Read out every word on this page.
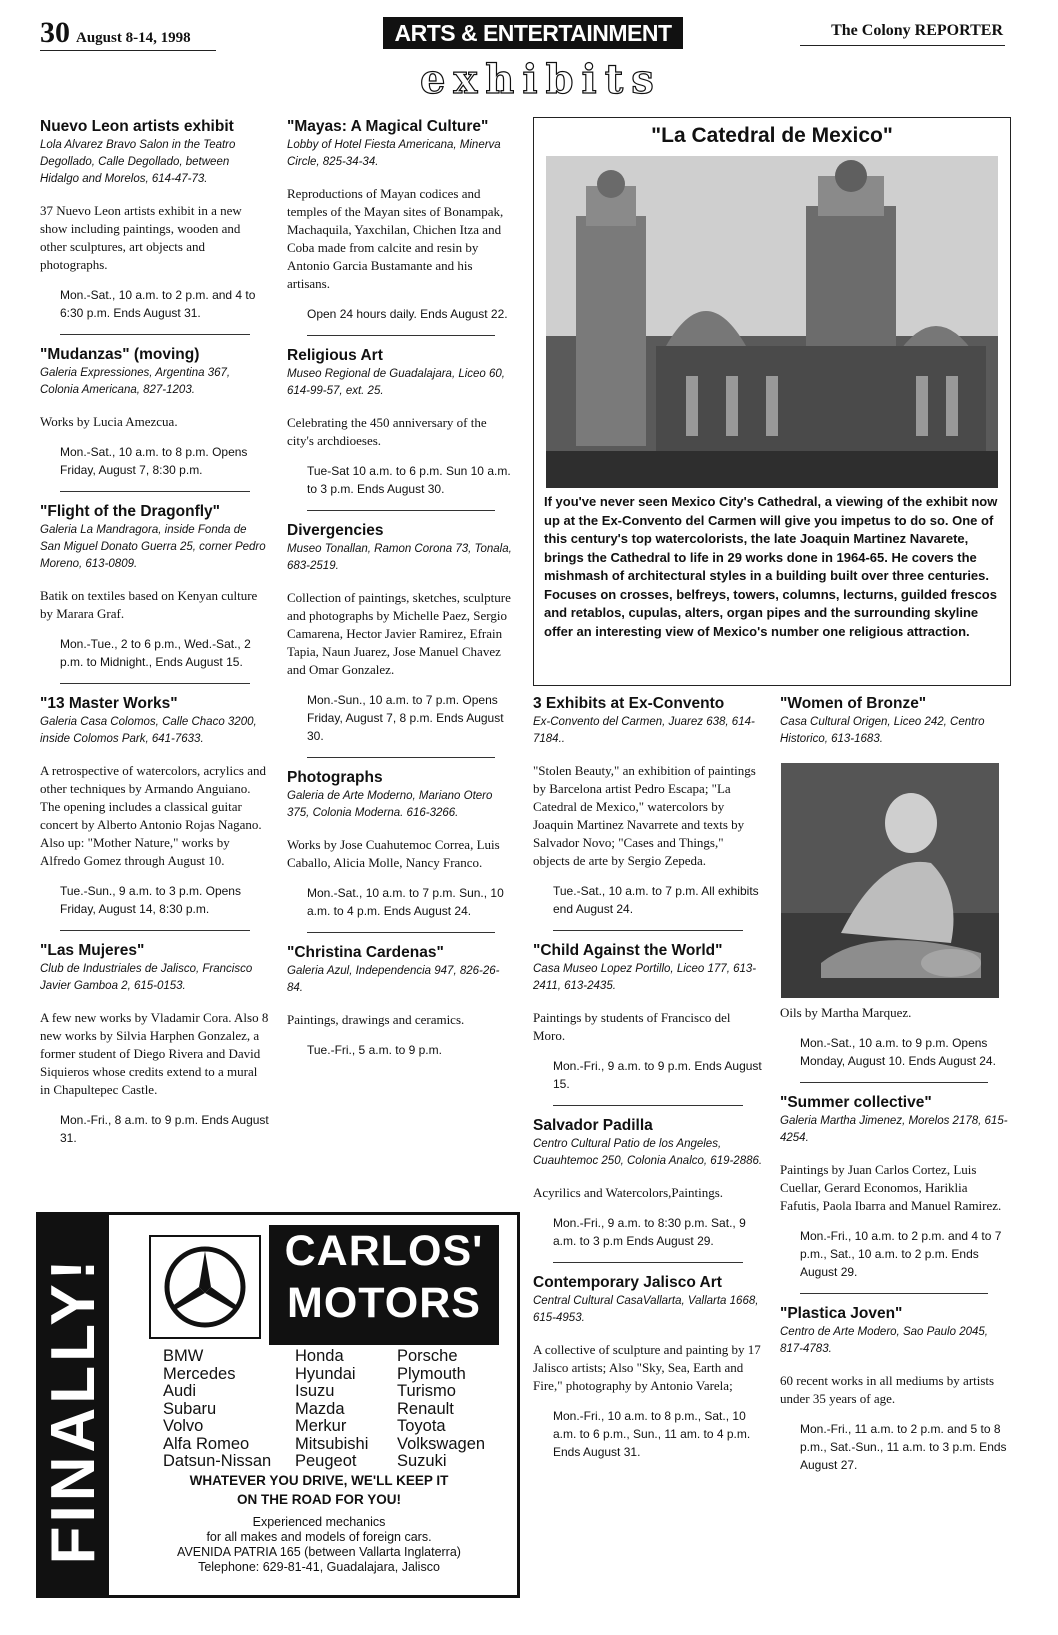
30 August 8-14, 1998	ARTS & ENTERTAINMENT	The Colony REPORTER
exhibits
Nuevo Leon artists exhibit

Lola Alvarez Bravo Salon in the Teatro Degollado, Calle Degollado, between Hidalgo and Morelos, 614-47-73.

37 Nuevo Leon artists exhibit in a new show including paintings, wooden and other sculptures, art objects and photographs.

Mon.-Sat., 10 a.m. to 2 p.m. and 4 to 6:30 p.m. Ends August 31.

"Mudanzas" (moving)

Galeria Expressiones, Argentina 367, Colonia Americana, 827-1203.

Works by Lucia Amezcua.

Mon.-Sat., 10 a.m. to 8 p.m. Opens Friday, August 7, 8:30 p.m.

"Flight of the Dragonfly"

Galeria La Mandragora, inside Fonda de San Miguel Donato Guerra 25, corner Pedro Moreno, 613-0809.

Batik on textiles based on Kenyan culture by Marara Graf.

Mon.-Tue., 2 to 6 p.m., Wed.-Sat., 2 p.m. to Midnight., Ends August 15.

"13 Master Works"

Galeria Casa Colomos, Calle Chaco 3200, inside Colomos Park, 641-7633.

A retrospective of watercolors, acrylics and other techniques by Armando Anguiano. The opening includes a classical guitar concert by Alberto Antonio Rojas Nagano. Also up: "Mother Nature," works by Alfredo Gomez through August 10.

Tue.-Sun., 9 a.m. to 3 p.m. Opens Friday, August 14, 8:30 p.m.

"Las Mujeres"

Club de Industriales de Jalisco, Francisco Javier Gamboa 2, 615-0153.

A few new works by Vladamir Cora. Also 8 new works by Silvia Harphen Gonzalez, a former student of Diego Rivera and David Siquieros whose credits extend to a mural in Chapultepec Castle.

Mon.-Fri., 8 a.m. to 9 p.m. Ends August 31.

"Mayas: A Magical Culture"

Lobby of Hotel Fiesta Americana, Minerva Circle, 825-34-34.

Reproductions of Mayan codices and temples of the Mayan sites of Bonampak, Machaquila, Yaxchilan, Chichen Itza and Coba made from calcite and resin by Antonio Garcia Bustamante and his artisans.

Open 24 hours daily. Ends August 22.

Religious Art

Museo Regional de Guadalajara, Liceo 60, 614-99-57, ext. 25.

Celebrating the 450 anniversary of the city's archdioeses.

Tue-Sat 10 a.m. to 6 p.m. Sun 10 a.m. to 3 p.m. Ends August 30.

Divergencies

Museo Tonallan, Ramon Corona 73, Tonala, 683-2519.

Collection of paintings, sketches, sculpture and photographs by Michelle Paez, Sergio Camarena, Hector Javier Ramirez, Efrain Tapia, Naun Juarez, Jose Manuel Chavez and Omar Gonzalez.

Mon.-Sun., 10 a.m. to 7 p.m. Opens Friday, August 7, 8 p.m. Ends August 30.

Photographs

Galeria de Arte Moderno, Mariano Otero 375, Colonia Moderna. 616-3266.

Works by Jose Cuahutemoc Correa, Luis Caballo, Alicia Molle, Nancy Franco.

Mon.-Sat., 10 a.m. to 7 p.m. Sun., 10 a.m. to 4 p.m. Ends August 24.

"Christina Cardenas"

Galeria Azul, Independencia 947, 826-26-84.

Paintings, drawings and ceramics.

Tue.-Fri., 5 a.m. to 9 p.m.

"La Catedral de Mexico"
If you've never seen Mexico City's Cathedral, a viewing of the exhibit now up at the Ex-Convento del Carmen will give you impetus to do so. One of this century's top watercolorists, the late Joaquin Martinez Navarete, brings the Cathedral to life in 29 works done in 1964-65. He covers the mishmash of architectural styles in a building built over three centuries. Focuses on crosses, belfreys, towers, columns, lecturns, guilded frescos and retablos, cupulas, alters, organ pipes and the surrounding skyline offer an interesting view of Mexico's number one religious attraction.
3 Exhibits at Ex-Convento

Ex-Convento del Carmen, Juarez 638, 614-7184..

"Stolen Beauty," an exhibition of paintings by Barcelona artist Pedro Escapa; "La Catedral de Mexico," watercolors by Joaquin Martinez Navarrete and texts by Salvador Novo; "Cases and Things," objects de arte by Sergio Zepeda.

Tue.-Sat., 10 a.m. to 7 p.m. All exhibits end August 24.

"Child Against the World"

Casa Museo Lopez Portillo, Liceo 177, 613-2411, 613-2435.

Paintings by students of Francisco del Moro.

Mon.-Fri., 9 a.m. to 9 p.m. Ends August 15.

Salvador Padilla

Centro Cultural Patio de los Angeles, Cuauhtemoc 250, Colonia Analco, 619-2886.

Acyrilics and Watercolors,Paintings.

Mon.-Fri., 9 a.m. to 8:30 p.m. Sat., 9 a.m. to 3 p.m Ends August 29.

Contemporary Jalisco Art

Central Cultural CasaVallarta, Vallarta 1668, 615-4953.

A collective of sculpture and painting by 17 Jalisco artists; Also "Sky, Sea, Earth and Fire," photography by Antonio Varela;

Mon.-Fri., 10 a.m. to 8 p.m., Sat., 10 a.m. to 6 p.m., Sun., 11 am. to 4 p.m. Ends August 31.

"Women of Bronze"

Casa Cultural Origen, Liceo 242, Centro Historico, 613-1683.

Oils by Martha Marquez.

Mon.-Sat., 10 a.m. to 9 p.m. Opens Monday, August 10. Ends August 24.

"Summer collective"

Galeria Martha Jimenez, Morelos 2178, 615-4254.

Paintings by Juan Carlos Cortez, Luis Cuellar, Gerard Economos, Hariklia Fafutis, Paola Ibarra and Manuel Ramirez.

Mon.-Fri., 10 a.m. to 2 p.m. and 4 to 7 p.m., Sat., 10 a.m. to 2 p.m. Ends August 29.

"Plastica Joven"

Centro de Arte Modero, Sao Paulo 2045, 817-4783.

60 recent works in all mediums by artists under 35 years of age.

Mon.-Fri., 11 a.m. to 2 p.m. and 5 to 8 p.m., Sat.-Sun., 11 a.m. to 3 p.m. Ends August 27.

FINALLY!
CARLOS'
MOTORS
BMW
Mercedes
Audi
Subaru
Volvo
Alfa Romeo
Datsun-Nissan
Honda
Hyundai
Isuzu
Mazda
Merkur
Mitsubishi
Peugeot
Porsche
Plymouth
Turismo
Renault
Toyota
Volkswagen
Suzuki
WHATEVER YOU DRIVE, WE'LL KEEP IT
ON THE ROAD FOR YOU!
Experienced mechanics
for all makes and models of foreign cars.
AVENIDA PATRIA 165 (between Vallarta Inglaterra)
Telephone: 629-81-41, Guadalajara, Jalisco
